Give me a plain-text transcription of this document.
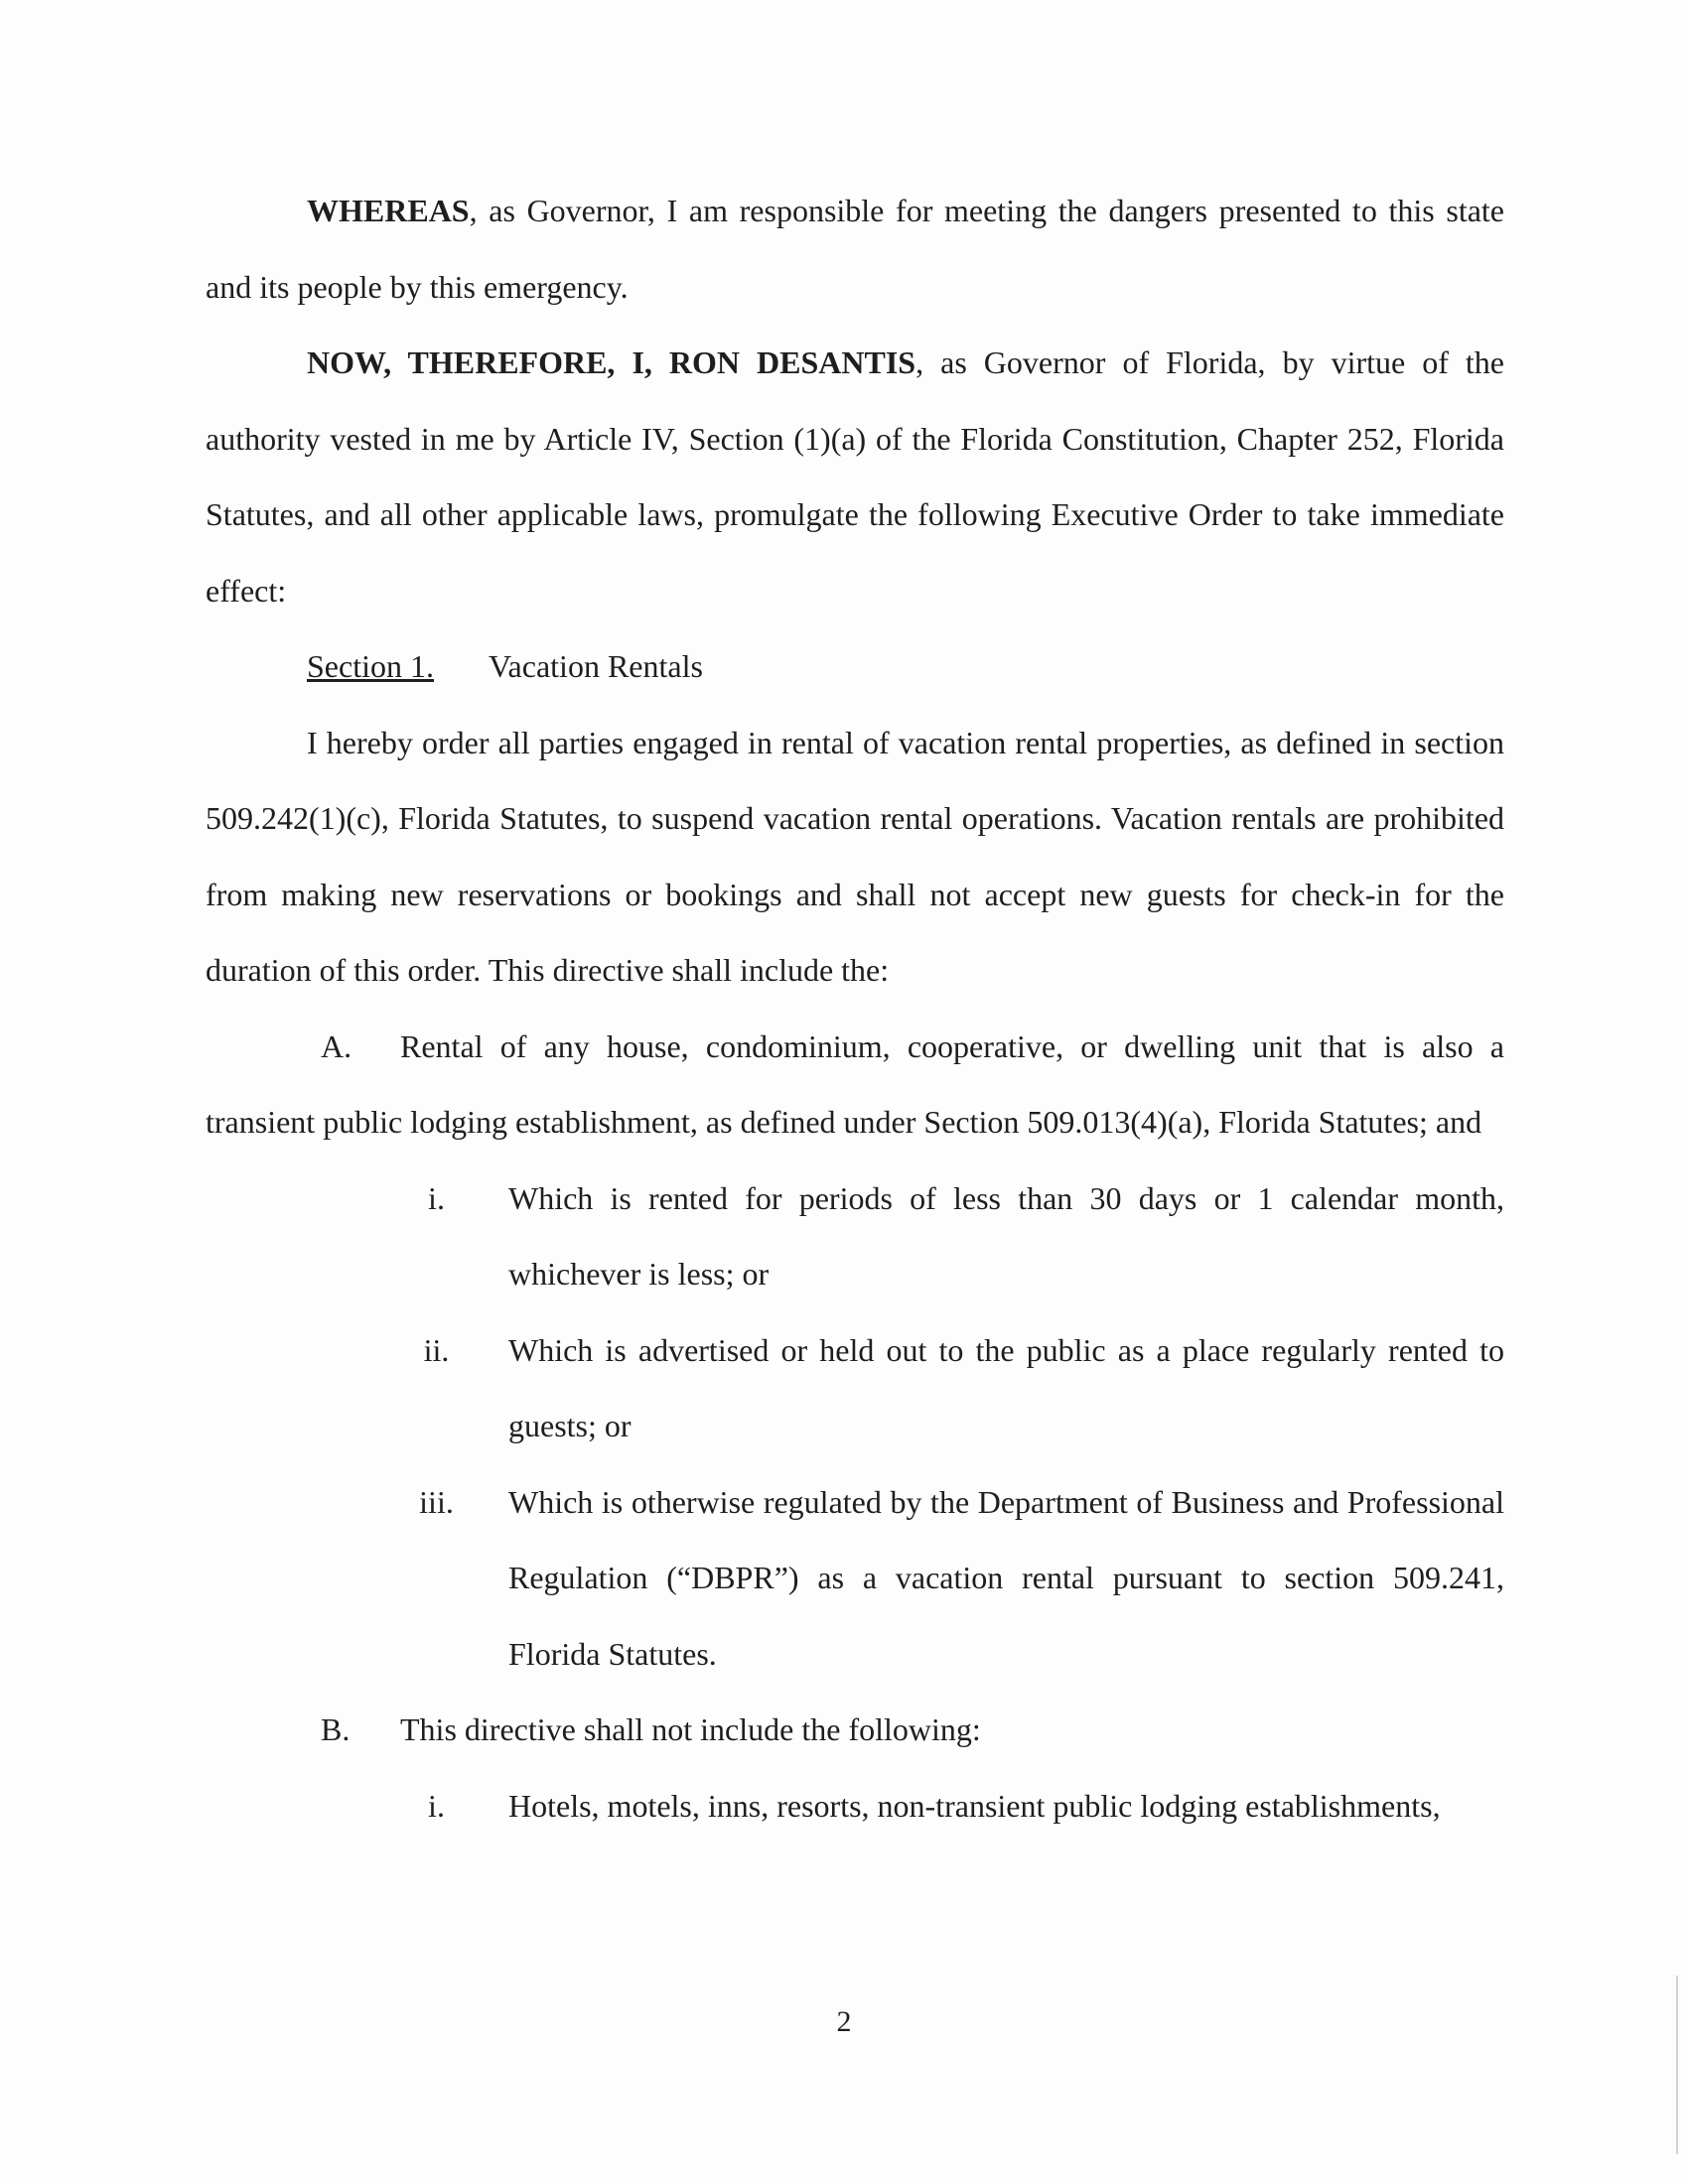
WHEREAS, as Governor, I am responsible for meeting the dangers presented to this state and its people by this emergency.

NOW, THEREFORE, I, RON DESANTIS, as Governor of Florida, by virtue of the authority vested in me by Article IV, Section (1)(a) of the Florida Constitution, Chapter 252, Florida Statutes, and all other applicable laws, promulgate the following Executive Order to take immediate effect:

Section 1. Vacation Rentals

I hereby order all parties engaged in rental of vacation rental properties, as defined in section 509.242(1)(c), Florida Statutes, to suspend vacation rental operations. Vacation rentals are prohibited from making new reservations or bookings and shall not accept new guests for check-in for the duration of this order. This directive shall include the:

A. Rental of any house, condominium, cooperative, or dwelling unit that is also a transient public lodging establishment, as defined under Section 509.013(4)(a), Florida Statutes; and

i.	Which is rented for periods of less than 30 days or 1 calendar month, whichever is less; or
ii.	Which is advertised or held out to the public as a place regularly rented to guests; or
iii.	Which is otherwise regulated by the Department of Business and Professional Regulation (“DBPR”) as a vacation rental pursuant to section 509.241, Florida Statutes.
B.	This directive shall not include the following:
i.	Hotels, motels, inns, resorts, non-transient public lodging establishments,
2
